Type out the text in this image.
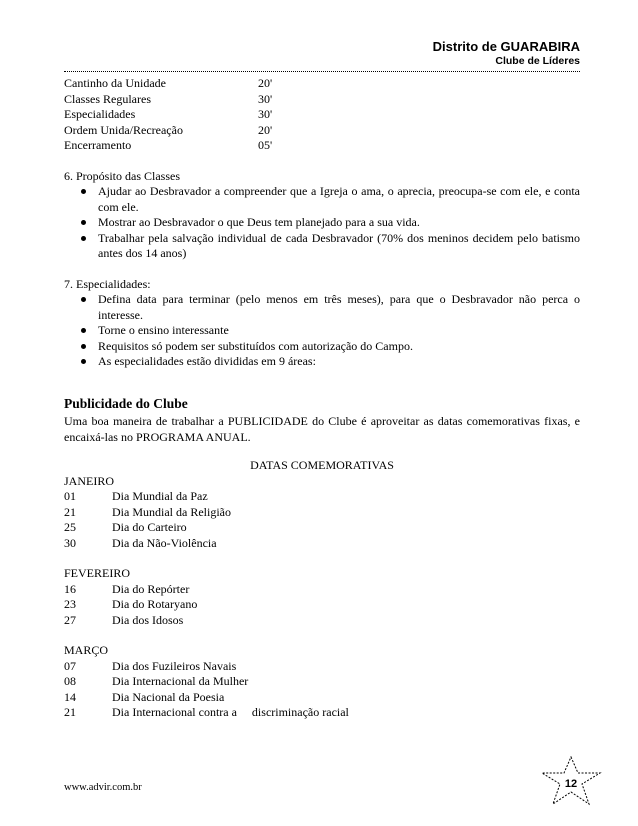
Distrito de GUARABIRA
Clube de Líderes
Cantinho da Unidade	20'
Classes Regulares	30'
Especialidades	30'
Ordem Unida/Recreação	20'
Encerramento	05'
6. Propósito das Classes
Ajudar ao Desbravador a compreender que a Igreja o ama, o aprecia, preocupa-se com ele, e conta com ele.
Mostrar ao Desbravador o que Deus tem planejado para a sua vida.
Trabalhar pela salvação individual de cada Desbravador (70% dos meninos decidem pelo batismo antes dos 14 anos)
7. Especialidades:
Defina data para terminar (pelo menos em três meses), para que o Desbravador não perca o interesse.
Torne o ensino interessante
Requisitos só podem ser substituídos com autorização do Campo.
As especialidades estão divididas em 9 áreas:
Publicidade do Clube
Uma boa maneira de trabalhar a PUBLICIDADE do Clube é aproveitar as datas comemorativas fixas, e encaixá-las no PROGRAMA ANUAL.
DATAS COMEMORATIVAS
JANEIRO
01	Dia Mundial da Paz
21	Dia Mundial da Religião
25	Dia do Carteiro
30	Dia da Não-Violência
FEVEREIRO
16	Dia do Repórter
23	Dia do Rotaryano
27	Dia dos Idosos
MARÇO
07	Dia dos Fuzileiros Navais
08	Dia Internacional da Mulher
14	Dia Nacional da Poesia
21	Dia Internacional contra a     discriminação racial
www.advir.com.br	12
